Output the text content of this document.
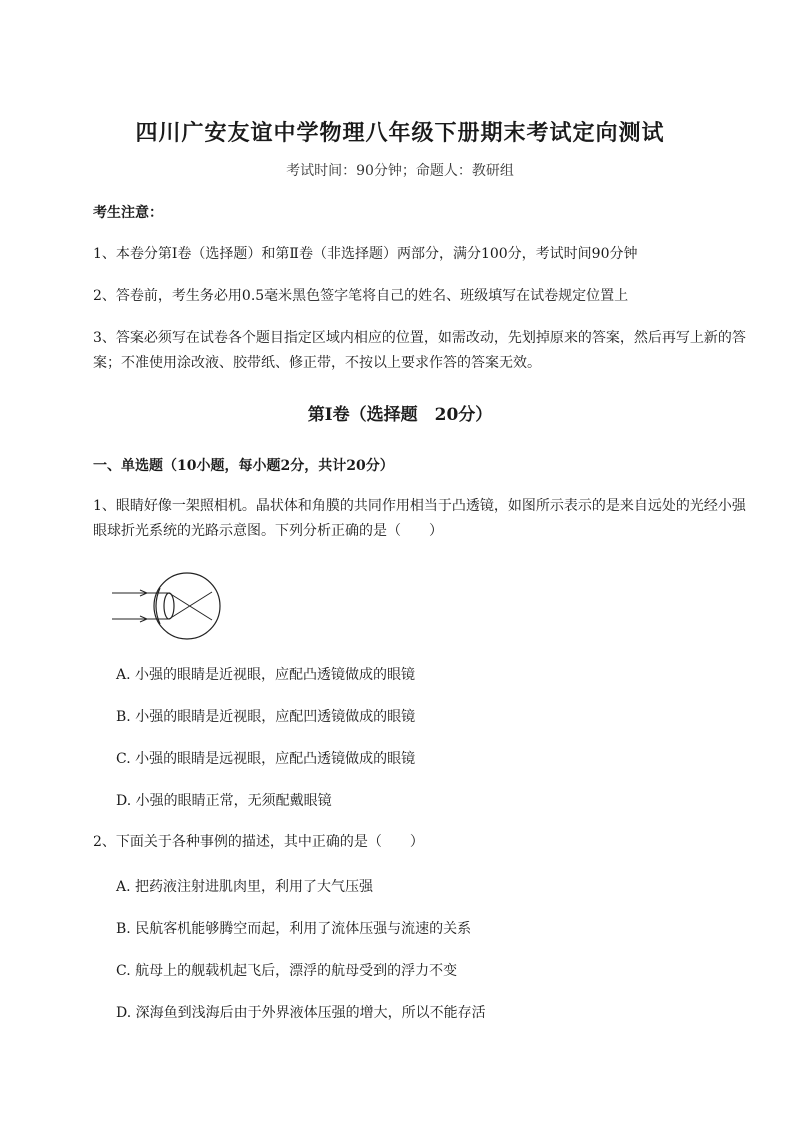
四川广安友谊中学物理八年级下册期末考试定向测试
考试时间：90分钟；命题人：教研组
考生注意：
1、本卷分第I卷（选择题）和第Ⅱ卷（非选择题）两部分，满分100分，考试时间90分钟
2、答卷前，考生务必用0.5毫米黑色签字笔将自己的姓名、班级填写在试卷规定位置上
3、答案必须写在试卷各个题目指定区域内相应的位置，如需改动，先划掉原来的答案，然后再写上新的答案；不准使用涂改液、胶带纸、修正带，不按以上要求作答的答案无效。
第I卷（选择题　20分）
一、单选题（10小题，每小题2分，共计20分）
1、眼睛好像一架照相机。晶状体和角膜的共同作用相当于凸透镜，如图所示表示的是来自远处的光经小强眼球折光系统的光路示意图。下列分析正确的是（　　）
A. 小强的眼睛是近视眼，应配凸透镜做成的眼镜
B. 小强的眼睛是近视眼，应配凹透镜做成的眼镜
C. 小强的眼睛是远视眼，应配凸透镜做成的眼镜
D. 小强的眼睛正常，无须配戴眼镜
2、下面关于各种事例的描述，其中正确的是（　　）
A. 把药液注射进肌肉里，利用了大气压强
B. 民航客机能够腾空而起，利用了流体压强与流速的关系
C. 航母上的舰载机起飞后，漂浮的航母受到的浮力不变
D. 深海鱼到浅海后由于外界液体压强的增大，所以不能存活
